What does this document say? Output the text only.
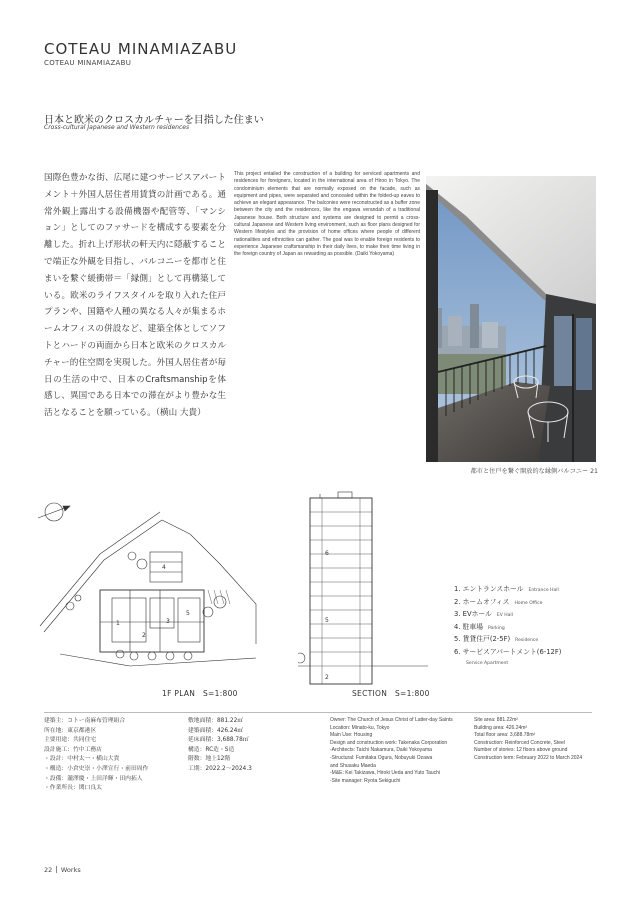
COTEAU MINAMIAZABU
COTEAU MINAMIAZABU
日本と欧米のクロスカルチャーを目指した住まい
Cross-cultural Japanese and Western residences
国際色豊かな街、広尾に建つサービスアパートメント＋外国人居住者用賃貸の計画である。通常外観上露出する設備機器や配管等、「マンション」としてのファサードを構成する要素を分離した。折れ上げ形状の軒天内に隠蔽することで端正な外観を目指し、バルコニーを都市と住まいを繋ぐ緩衝帯＝「縁側」として再構築している。欧米のライフスタイルを取り入れた住戸プランや、国籍や人種の異なる人々が集まるホームオフィスの併設など、建築全体としてソフトとハードの両面から日本と欧米のクロスカルチャー的住空間を実現した。外国人居住者が毎日の生活の中で、日本のCraftsmanshipを体感し、異国である日本での滞在がより豊かな生活となることを願っている。（横山 大貴）
This project entailed the construction of a building for serviced apartments and residences for foreigners, located in the international area of Hiroo in Tokyo. The condominium elements that are normally exposed on the facade, such as equipment and pipes, were separated and concealed within the folded-up eaves to achieve an elegant appearance. The balconies were reconstructed as a buffer zone between the city and the residences, like the engawa verandah of a traditional Japanese house. Both structure and systems are designed to permit a cross-cultural Japanese and Western living environment, such as floor plans designed for Western lifestyles and the provision of home offices where people of different nationalities and ethnicities can gather. The goal was to enable foreign residents to experience Japanese craftsmanship in their daily lives, to make their time living in the foreign country of Japan as rewarding as possible. (Daiki Yokoyama)
都市と住戸を繋ぐ開放的な縁側バルコニー 21
1
2
3
4
5
6
5
2
1F PLAN　S=1:800	SECTION　S=1:800
1. エントランスホール Entrance Hall
2. ホームオフィス Home Office
3. EVホール EV Hall
4. 駐車場 Parking
5. 賃貸住戸(2-5F) Residence
6. サービスアパートメント(6-12F)
Service Apartment
建築主：コトー南麻布管理組合
所在地：東京都港区
主要用途：共同住宅
設計施工：竹中工務店
・設計：中村太一・横山大貴
・構造：小倉史崇・小澤宣行・前田周作
・設備：瀧澤慶・上田洋輝・田内拓人
・作業所長：関口良太
敷地面積：881.22㎡
建築面積：426.24㎡
延床面積：3,688.78㎡
構造：RC造・S造
階数：地上12階
工期：2022.2～2024.3
Owner: The Church of Jesus Christ of Latter-day Saints
Location: Minato-ku, Tokyo
Main Use: Housing
Design and construction work: Takenaka Corporation
-Architects: Taichi Nakamura, Daiki Yokoyama
-Structural: Fumitaka Ogura, Nobuyuki Ozawa
and Shusaku Maeda
-M&E: Kei Takizawa, Hiroki Ueda and Yuto Tauchi
-Site manager: Ryota Sekiguchi
Site area: 881.22m²
Building area: 426.24m²
Total floor area: 3,688.78m²
Construction: Reinforced Concrete, Steel
Number of stories: 12 floors above ground
Construction term: February 2022 to March 2024
22 Works
